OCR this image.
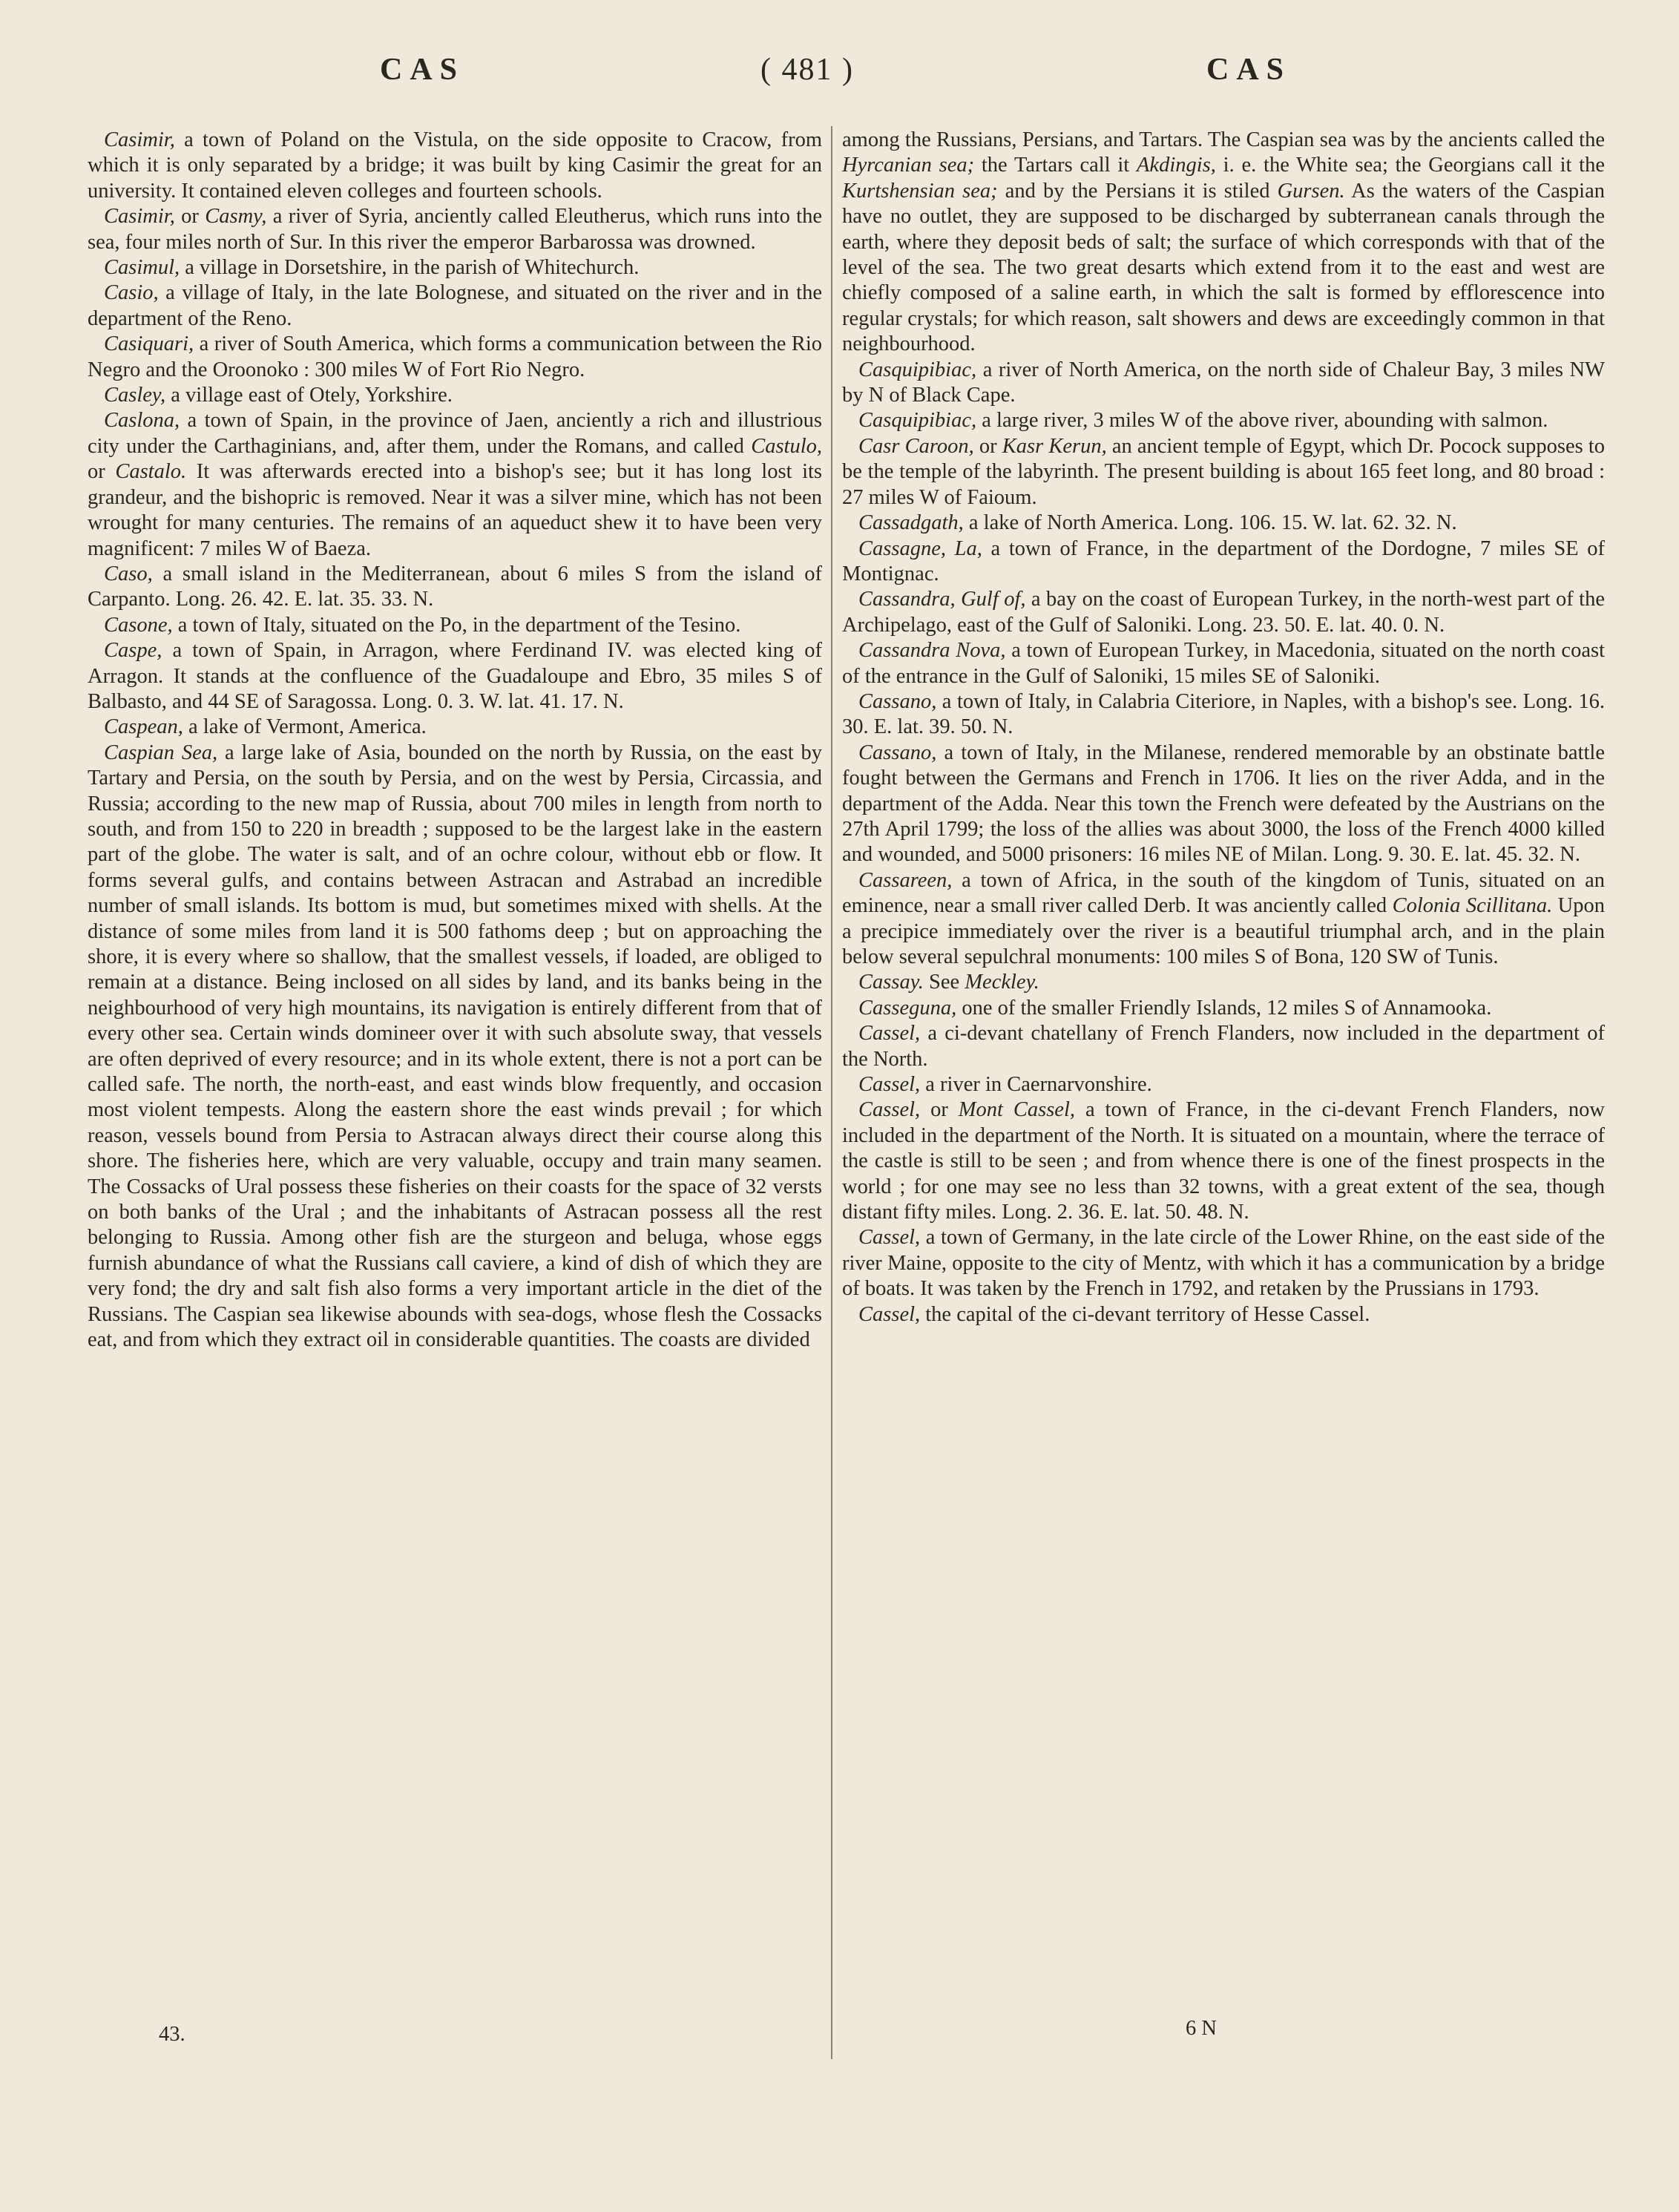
CAS	( 481 )	CAS

Casimir, a town of Poland on the Vistula, on the side opposite to Cracow, from which it is only separated by a bridge; it was built by king Casimir the great for an university. It contained eleven colleges and fourteen schools.

Casimir, or Casmy, a river of Syria, anciently called Eleutherus, which runs into the sea, four miles north of Sur. In this river the emperor Barbarossa was drowned.

Casimul, a village in Dorsetshire, in the parish of Whitechurch.

Casio, a village of Italy, in the late Bolognese, and situated on the river and in the department of the Reno.

Casiquari, a river of South America, which forms a communication between the Rio Negro and the Oroonoko : 300 miles W of Fort Rio Negro.

Casley, a village east of Otely, Yorkshire.

Caslona, a town of Spain, in the province of Jaen, anciently a rich and illustrious city under the Carthaginians, and, after them, under the Romans, and called Castulo, or Castalo. It was afterwards erected into a bishop's see; but it has long lost its grandeur, and the bishopric is removed. Near it was a silver mine, which has not been wrought for many centuries. The remains of an aqueduct shew it to have been very magnificent: 7 miles W of Baeza.

Caso, a small island in the Mediterranean, about 6 miles S from the island of Carpanto. Long. 26. 42. E. lat. 35. 33. N.

Casone, a town of Italy, situated on the Po, in the department of the Tesino.

Caspe, a town of Spain, in Arragon, where Ferdinand IV. was elected king of Arragon. It stands at the confluence of the Guadaloupe and Ebro, 35 miles S of Balbasto, and 44 SE of Saragossa. Long. 0. 3. W. lat. 41. 17. N.

Caspean, a lake of Vermont, America.

Caspian Sea, a large lake of Asia, bounded on the north by Russia, on the east by Tartary and Persia, on the south by Persia, and on the west by Persia, Circassia, and Russia; according to the new map of Russia, about 700 miles in length from north to south, and from 150 to 220 in breadth ; supposed to be the largest lake in the eastern part of the globe. The water is salt, and of an ochre colour, without ebb or flow. It forms several gulfs, and contains between Astracan and Astrabad an incredible number of small islands. Its bottom is mud, but sometimes mixed with shells. At the distance of some miles from land it is 500 fathoms deep ; but on approaching the shore, it is every where so shallow, that the smallest vessels, if loaded, are obliged to remain at a distance. Being inclosed on all sides by land, and its banks being in the neighbourhood of very high mountains, its navigation is entirely different from that of every other sea. Certain winds domineer over it with such absolute sway, that vessels are often deprived of every resource; and in its whole extent, there is not a port can be called safe. The north, the north-east, and east winds blow frequently, and occasion most violent tempests. Along the eastern shore the east winds prevail ; for which reason, vessels bound from Persia to Astracan always direct their course along this shore. The fisheries here, which are very valuable, occupy and train many seamen. The Cossacks of Ural possess these fisheries on their coasts for the space of 32 versts on both banks of the Ural ; and the inhabitants of Astracan possess all the rest belonging to Russia. Among other fish are the sturgeon and beluga, whose eggs furnish abundance of what the Russians call caviere, a kind of dish of which they are very fond; the dry and salt fish also forms a very important article in the diet of the Russians. The Caspian sea likewise abounds with sea-dogs, whose flesh the Cossacks eat, and from which they extract oil in considerable quantities. The coasts are divided

among the Russians, Persians, and Tartars. The Caspian sea was by the ancients called the Hyrcanian sea; the Tartars call it Akdingis, i. e. the White sea; the Georgians call it the Kurtshensian sea; and by the Persians it is stiled Gursen. As the waters of the Caspian have no outlet, they are supposed to be discharged by subterranean canals through the earth, where they deposit beds of salt; the surface of which corresponds with that of the level of the sea. The two great desarts which extend from it to the east and west are chiefly composed of a saline earth, in which the salt is formed by efflorescence into regular crystals; for which reason, salt showers and dews are exceedingly common in that neighbourhood.

Casquipibiac, a river of North America, on the north side of Chaleur Bay, 3 miles NW by N of Black Cape.

Casquipibiac, a large river, 3 miles W of the above river, abounding with salmon.

Casr Caroon, or Kasr Kerun, an ancient temple of Egypt, which Dr. Pocock supposes to be the temple of the labyrinth. The present building is about 165 feet long, and 80 broad : 27 miles W of Faioum.

Cassadgath, a lake of North America. Long. 106. 15. W. lat. 62. 32. N.

Cassagne, La, a town of France, in the department of the Dordogne, 7 miles SE of Montignac.

Cassandra, Gulf of, a bay on the coast of European Turkey, in the north-west part of the Archipelago, east of the Gulf of Saloniki. Long. 23. 50. E. lat. 40. 0. N.

Cassandra Nova, a town of European Turkey, in Macedonia, situated on the north coast of the entrance in the Gulf of Saloniki, 15 miles SE of Saloniki.

Cassano, a town of Italy, in Calabria Citeriore, in Naples, with a bishop's see. Long. 16. 30. E. lat. 39. 50. N.

Cassano, a town of Italy, in the Milanese, rendered memorable by an obstinate battle fought between the Germans and French in 1706. It lies on the river Adda, and in the department of the Adda. Near this town the French were defeated by the Austrians on the 27th April 1799; the loss of the allies was about 3000, the loss of the French 4000 killed and wounded, and 5000 prisoners: 16 miles NE of Milan. Long. 9. 30. E. lat. 45. 32. N.

Cassareen, a town of Africa, in the south of the kingdom of Tunis, situated on an eminence, near a small river called Derb. It was anciently called Colonia Scillitana. Upon a precipice immediately over the river is a beautiful triumphal arch, and in the plain below several sepulchral monuments: 100 miles S of Bona, 120 SW of Tunis.

Cassay. See Meckley.

Casseguna, one of the smaller Friendly Islands, 12 miles S of Annamooka.

Cassel, a ci-devant chatellany of French Flanders, now included in the department of the North.

Cassel, a river in Caernarvonshire.

Cassel, or Mont Cassel, a town of France, in the ci-devant French Flanders, now included in the department of the North. It is situated on a mountain, where the terrace of the castle is still to be seen ; and from whence there is one of the finest prospects in the world ; for one may see no less than 32 towns, with a great extent of the sea, though distant fifty miles. Long. 2. 36. E. lat. 50. 48. N.

Cassel, a town of Germany, in the late circle of the Lower Rhine, on the east side of the river Maine, opposite to the city of Mentz, with which it has a communication by a bridge of boats. It was taken by the French in 1792, and retaken by the Prussians in 1793.

Cassel, the capital of the ci-devant territory of Hesse Cassel.

43.	6 N
